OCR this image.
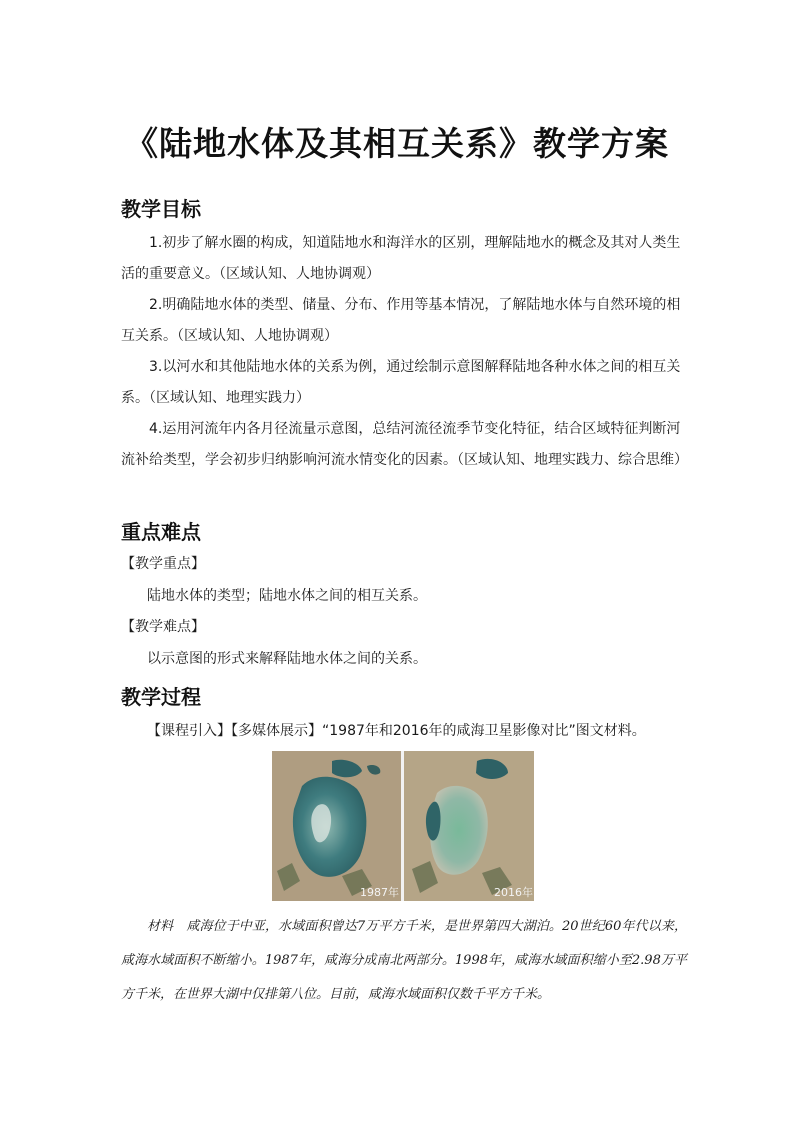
《陆地水体及其相互关系》教学方案
教学目标
1.初步了解水圈的构成，知道陆地水和海洋水的区别，理解陆地水的概念及其对人类生活的重要意义。（区域认知、人地协调观）
2.明确陆地水体的类型、储量、分布、作用等基本情况，了解陆地水体与自然环境的相互关系。（区域认知、人地协调观）
3.以河水和其他陆地水体的关系为例，通过绘制示意图解释陆地各种水体之间的相互关系。（区域认知、地理实践力）
4.运用河流年内各月径流量示意图，总结河流径流季节变化特征，结合区域特征判断河流补给类型，学会初步归纳影响河流水情变化的因素。（区域认知、地理实践力、综合思维）
重点难点
【教学重点】
陆地水体的类型；陆地水体之间的相互关系。
【教学难点】
以示意图的形式来解释陆地水体之间的关系。
教学过程
【课程引入】【多媒体展示】“1987年和2016年的咸海卫星影像对比”图文材料。
1987年	2016年
材料　咸海位于中亚，水域面积曾达7万平方千米，是世界第四大湖泊。20世纪60年代以来，咸海水域面积不断缩小。1987年，咸海分成南北两部分。1998年，咸海水域面积缩小至2.98万平方千米，在世界大湖中仅排第八位。目前，咸海水域面积仅数千平方千米。
